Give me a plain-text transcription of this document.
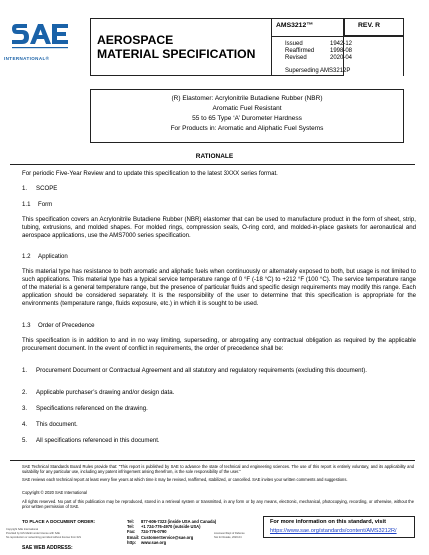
INTERNATIONAL®
AEROSPACE
MATERIAL SPECIFICATION
AMS3212™	REV. R
Issued	1942-12
Reaffirmed	1998-08
Revised	2020-04
Superseding AMS3212P
(R) Elastomer: Acrylonitrile Butadiene Rubber (NBR)
Aromatic Fuel Resistant
55 to 65 Type ‘A’ Durometer Hardness
For Products in: Aromatic and Aliphatic Fuel Systems
RATIONALE
For periodic Five-Year Review and to update this specification to the latest 3XXX series format.
1. SCOPE
1.1 Form
This specification covers an Acrylonitrile Butadiene Rubber (NBR) elastomer that can be used to manufacture product in the form of sheet, strip, tubing, extrusions, and molded shapes. For molded rings, compression seals, O-ring cord, and molded-in-place gaskets for aeronautical and aerospace applications, use the AMS7000 series specification.
1.2 Application
This material type has resistance to both aromatic and aliphatic fuels when continuously or alternately exposed to both, but usage is not limited to such applications. This material type has a typical service temperature range of 0 °F (-18 °C) to +212 °F (100 °C). The service temperature range of the material is a general temperature range, but the presence of particular fluids and specific design requirements may modify this range. Each application should be considered separately. It is the responsibility of the user to determine that this specification is appropriate for the environments (temperature range, fluids exposure, etc.) in which it is sought to be used.
1.3 Order of Precedence
This specification is in addition to and in no way limiting, superseding, or abrogating any contractual obligation as required by the applicable procurement document. In the event of conflict in requirements, the order of precedence shall be:
1. Procurement Document or Contractual Agreement and all statutory and regulatory requirements (excluding this document).
2. Applicable purchaser’s drawing and/or design data.
3. Specifications referenced on the drawing.
4. This document.
5. All specifications referenced in this document.
SAE Technical Standards Board Rules provide that: “This report is published by SAE to advance the state of technical and engineering sciences. The use of this report is entirely voluntary, and its applicability and suitability for any particular use, including any patent infringement arising therefrom, is the sole responsibility of the user.”
SAE reviews each technical report at least every five years at which time it may be revised, reaffirmed, stabilized, or cancelled. SAE invites your written comments and suggestions.
Copyright © 2020 SAE International
All rights reserved. No part of this publication may be reproduced, stored in a retrieval system or transmitted, in any form or by any means, electronic, mechanical, photocopying, recording, or otherwise, without the prior written permission of SAE.
TO PLACE A DOCUMENT ORDER:	Tel: 877-606-7323 (inside USA and Canada)
Tel: +1 724-776-4970 (outside USA)
Fax: 724-776-0790
Email: CustomerService@sae.org
http: www.sae.org
For more information on this standard, visit
https://www.sae.org/standards/content/AMS3212R/
Copyright SAE International
Provided by IHS Markit under license with SAE
No reproduction or networking permitted without license from IHS
Licensee=Dept of Defense
Not for Resale, 2020-04
SAE WEB ADDRESS:
